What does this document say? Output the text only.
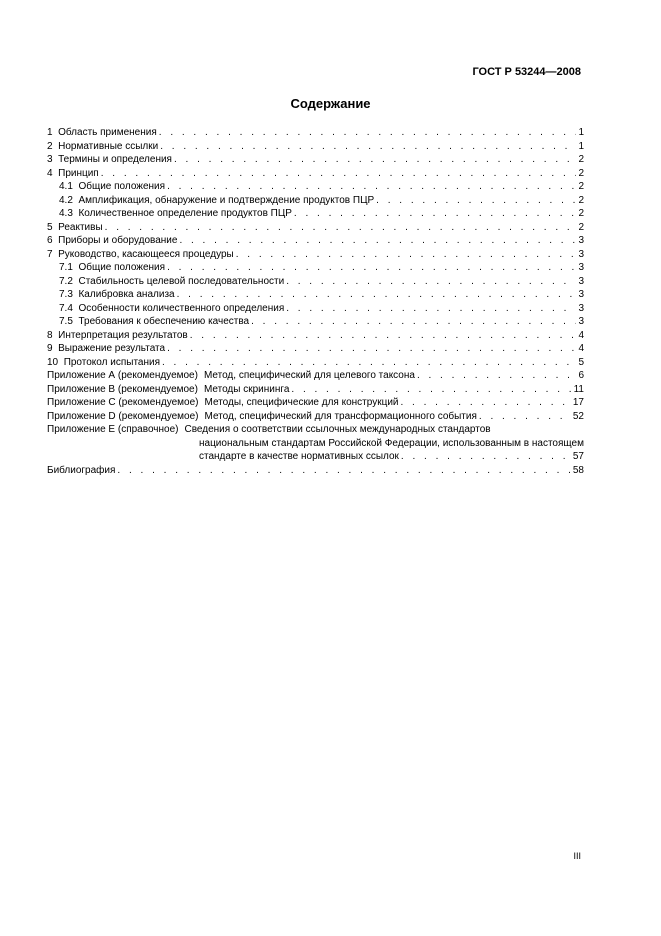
ГОСТ Р 53244—2008
Содержание
1 Область применения . . .	1
2 Нормативные ссылки . . .	1
3 Термины и определения . . .	2
4 Принцип . . .	2
4.1 Общие положения . . .	2
4.2 Амплификация, обнаружение и подтверждение продуктов ПЦР . . .	2
4.3 Количественное определение продуктов ПЦР . . .	2
5 Реактивы . . .	2
6 Приборы и оборудование . . .	3
7 Руководство, касающееся процедуры . . .	3
7.1 Общие положения . . .	3
7.2 Стабильность целевой последовательности . . .	3
7.3 Калибровка анализа . . .	3
7.4 Особенности количественного определения . . .	3
7.5 Требования к обеспечению качества . . .	3
8 Интерпретация результатов . . .	4
9 Выражение результата . . .	4
10 Протокол испытания . . .	5
Приложение А (рекомендуемое) Метод, специфический для целевого таксона . . .	6
Приложение В (рекомендуемое) Методы скрининга . . .	11
Приложение С (рекомендуемое) Методы, специфические для конструкций . . .	17
Приложение D (рекомендуемое) Метод, специфический для трансформационного события . . .	52
Приложение Е (справочное) Сведения о соответствии ссылочных международных стандартов
национальным стандартам Российской Федерации, использованным в настоящем
стандарте в качестве нормативных ссылок . . .	57
Библиография . . .	58
III
